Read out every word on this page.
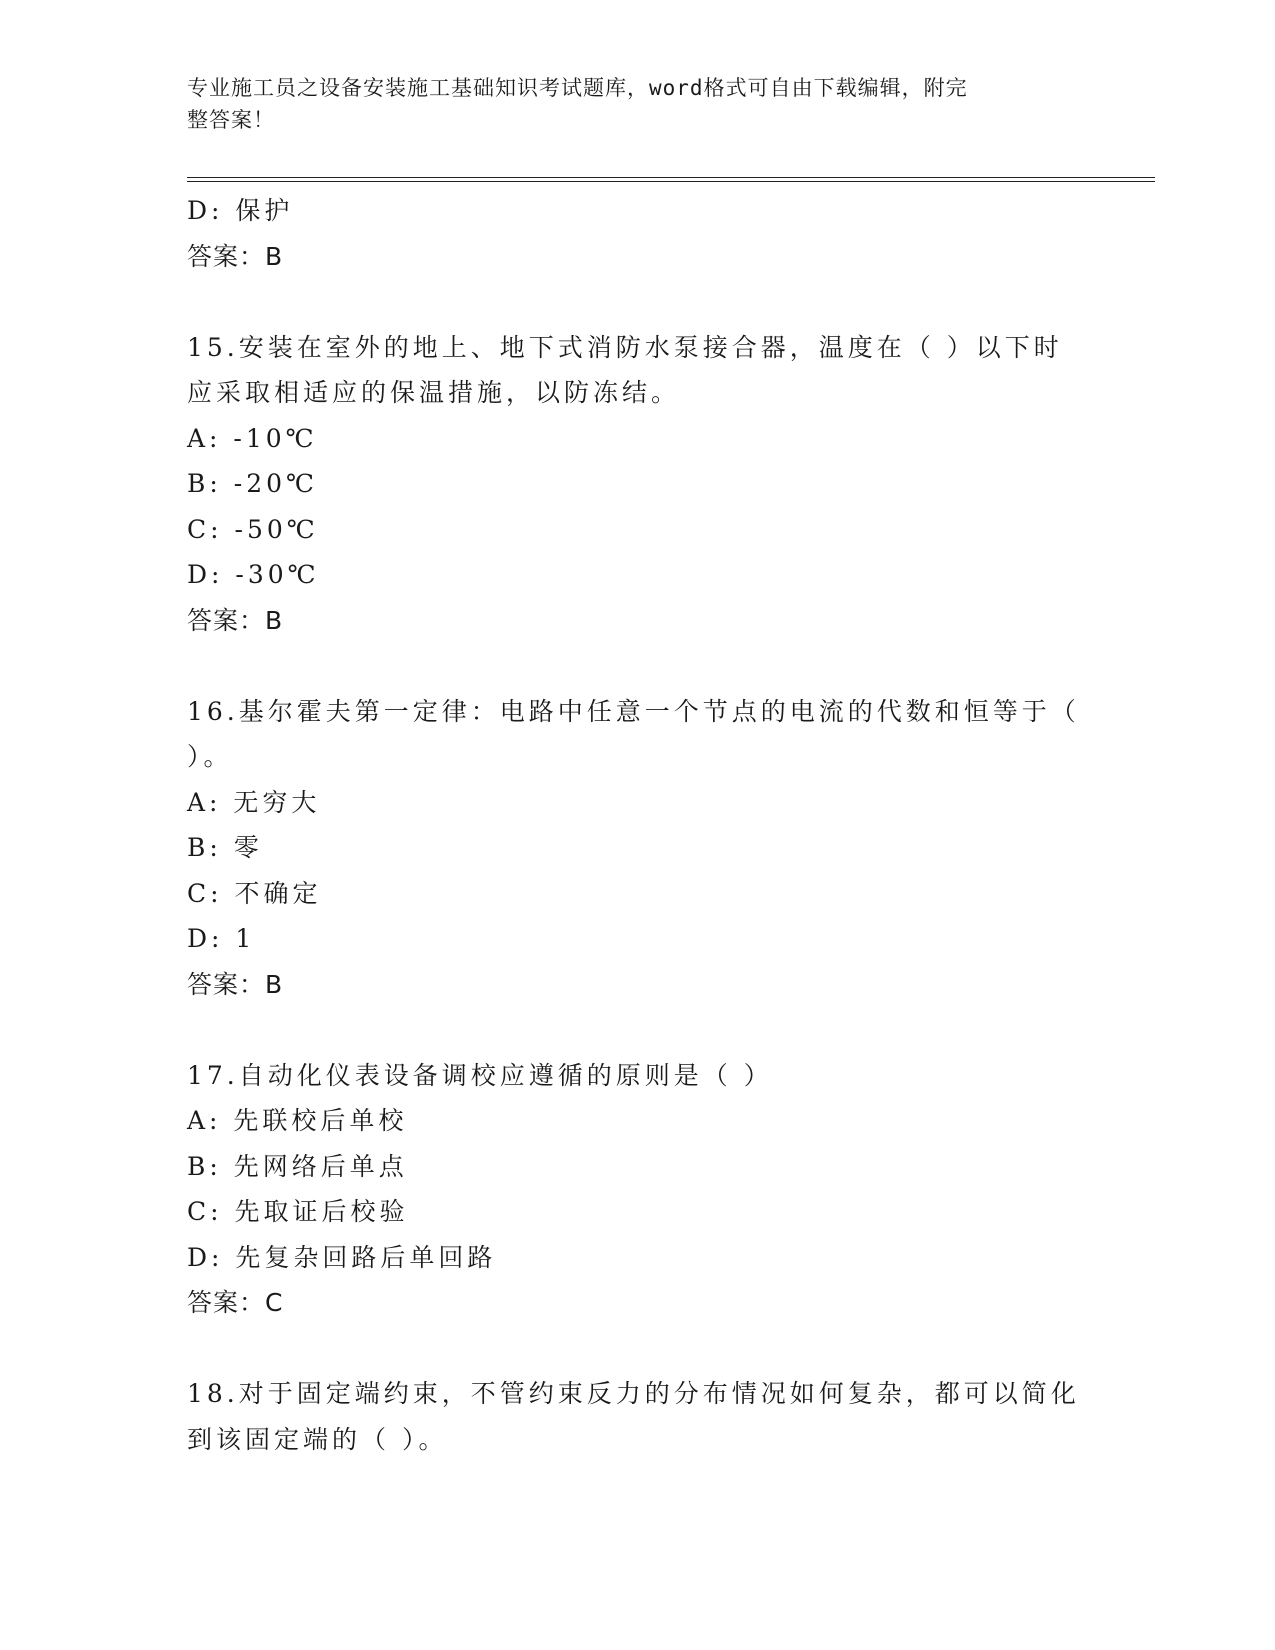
专业施工员之设备安装施工基础知识考试题库，word格式可自由下载编辑，附完
整答案！

D: 保护
答案：B
15.安装在室外的地上、地下式消防水泵接合器，温度在（ ）以下时
应采取相适应的保温措施，以防冻结。
A: -10℃
B: -20℃
C: -50℃
D: -30℃
答案：B
16.基尔霍夫第一定律：电路中任意一个节点的电流的代数和恒等于（
）。
A: 无穷大
B: 零
C: 不确定
D: 1
答案：B
17.自动化仪表设备调校应遵循的原则是（ ）
A: 先联校后单校
B: 先网络后单点
C: 先取证后校验
D: 先复杂回路后单回路
答案：C
18.对于固定端约束，不管约束反力的分布情况如何复杂，都可以简化
到该固定端的（ ）。
